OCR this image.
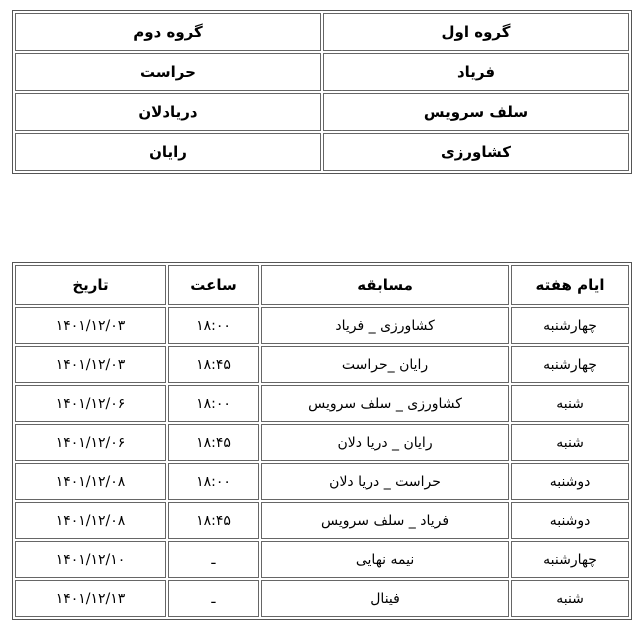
گروه اول	گروه دوم
فریاد	حراست
سلف سرویس	دریادلان
کشاورزی	رایان
ایام هفته	مسابقه	ساعت	تاریخ
چهارشنبه	کشاورزی _ فریاد	۱۸:۰۰	۱۴۰۱/۱۲/۰۳
چهارشنبه	رایان _حراست	۱۸:۴۵	۱۴۰۱/۱۲/۰۳
شنبه	کشاورزی _ سلف سرویس	۱۸:۰۰	۱۴۰۱/۱۲/۰۶
شنبه	رایان _ دریا دلان	۱۸:۴۵	۱۴۰۱/۱۲/۰۶
دوشنبه	حراست _ دریا دلان	۱۸:۰۰	۱۴۰۱/۱۲/۰۸
دوشنبه	فریاد _ سلف سرویس	۱۸:۴۵	۱۴۰۱/۱۲/۰۸
چهارشنبه	نیمه نهایی	ـ	۱۴۰۱/۱۲/۱۰
شنبه	فینال	ـ	۱۴۰۱/۱۲/۱۳
